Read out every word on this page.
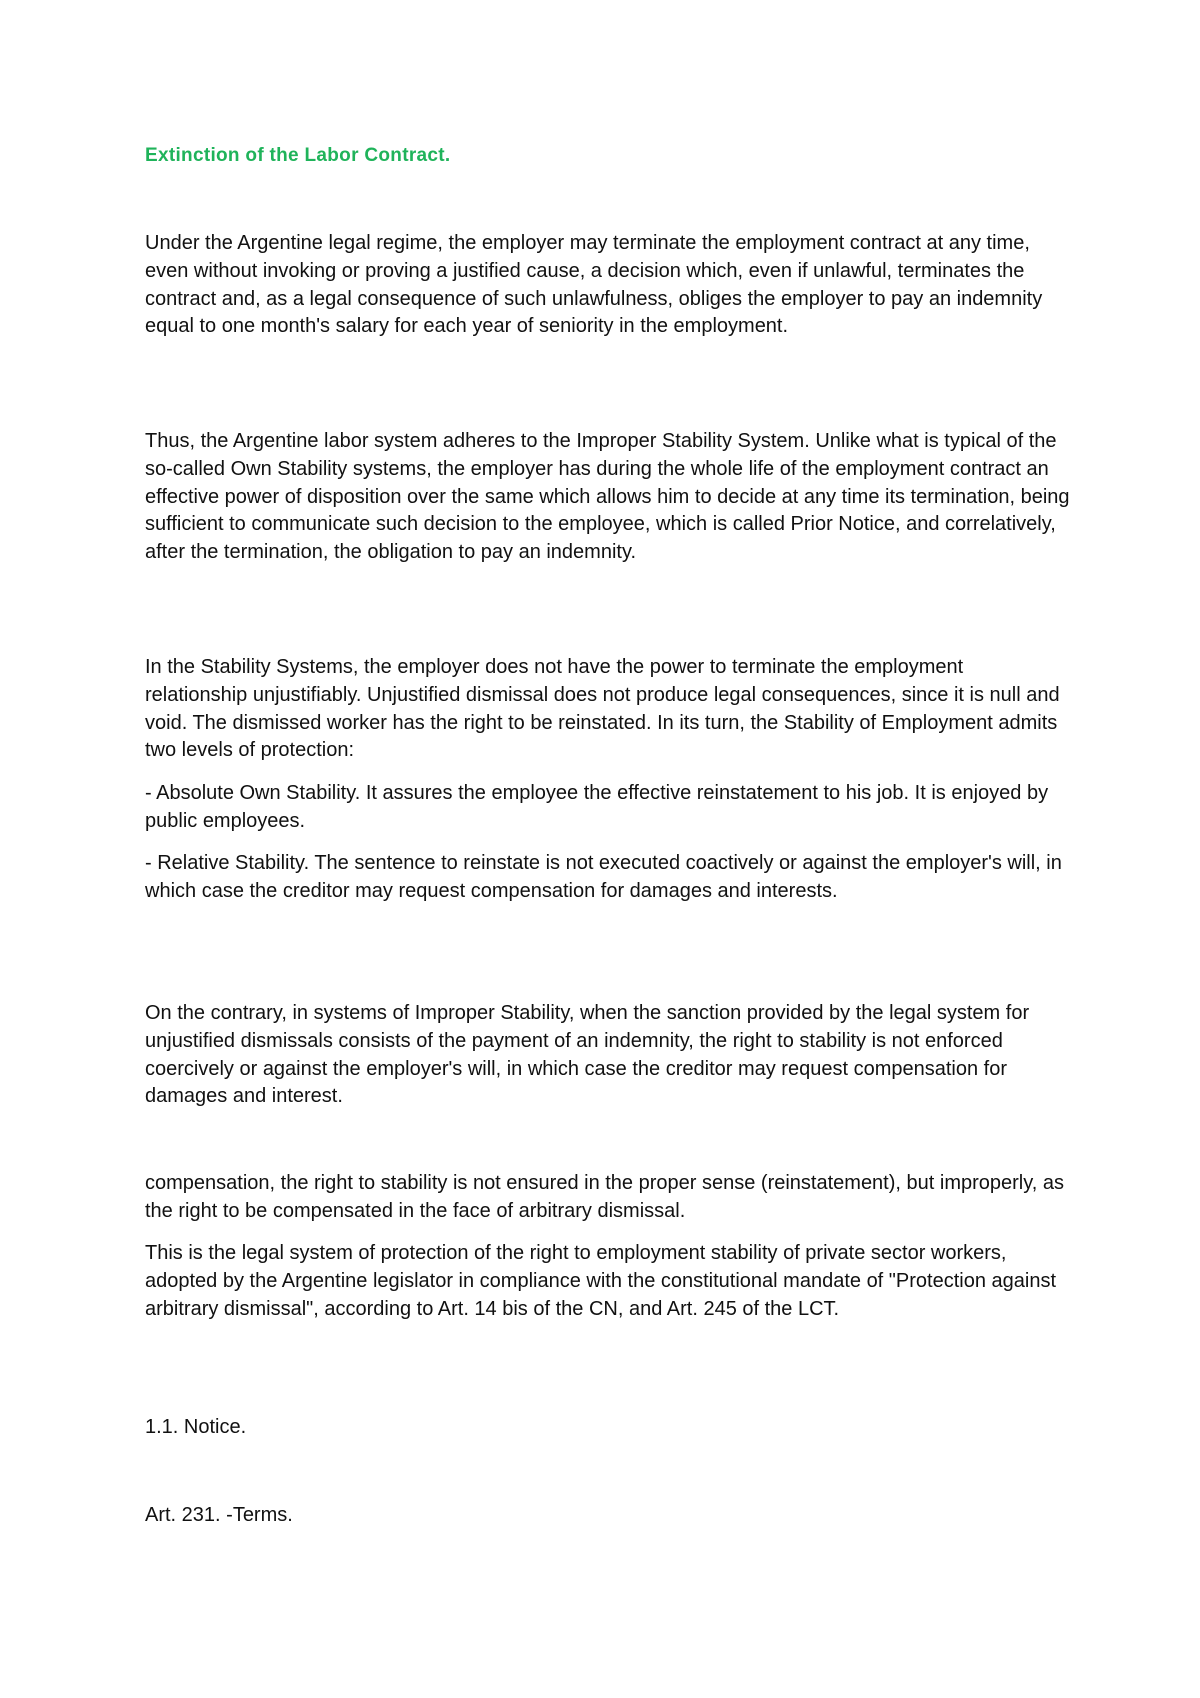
Extinction of the Labor Contract.

Under the Argentine legal regime, the employer may terminate the employment contract at any time, even without invoking or proving a justified cause, a decision which, even if unlawful, terminates the contract and, as a legal consequence of such unlawfulness, obliges the employer to pay an indemnity equal to one month's salary for each year of seniority in the employment.

Thus, the Argentine labor system adheres to the Improper Stability System. Unlike what is typical of the so-called Own Stability systems, the employer has during the whole life of the employment contract an effective power of disposition over the same which allows him to decide at any time its termination, being sufficient to communicate such decision to the employee, which is called Prior Notice, and correlatively, after the termination, the obligation to pay an indemnity.

In the Stability Systems, the employer does not have the power to terminate the employment relationship unjustifiably. Unjustified dismissal does not produce legal consequences, since it is null and void. The dismissed worker has the right to be reinstated. In its turn, the Stability of Employment admits two levels of protection:

- Absolute Own Stability. It assures the employee the effective reinstatement to his job. It is enjoyed by public employees.

- Relative Stability. The sentence to reinstate is not executed coactively or against the employer's will, in which case the creditor may request compensation for damages and interests.

On the contrary, in systems of Improper Stability, when the sanction provided by the legal system for unjustified dismissals consists of the payment of an indemnity, the right to stability is not enforced coercively or against the employer's will, in which case the creditor may request compensation for damages and interest.

compensation, the right to stability is not ensured in the proper sense (reinstatement), but improperly, as the right to be compensated in the face of arbitrary dismissal.

This is the legal system of protection of the right to employment stability of private sector workers, adopted by the Argentine legislator in compliance with the constitutional mandate of "Protection against arbitrary dismissal", according to Art. 14 bis of the CN, and Art. 245 of the LCT.

1.1. Notice.

Art. 231. -Terms.
